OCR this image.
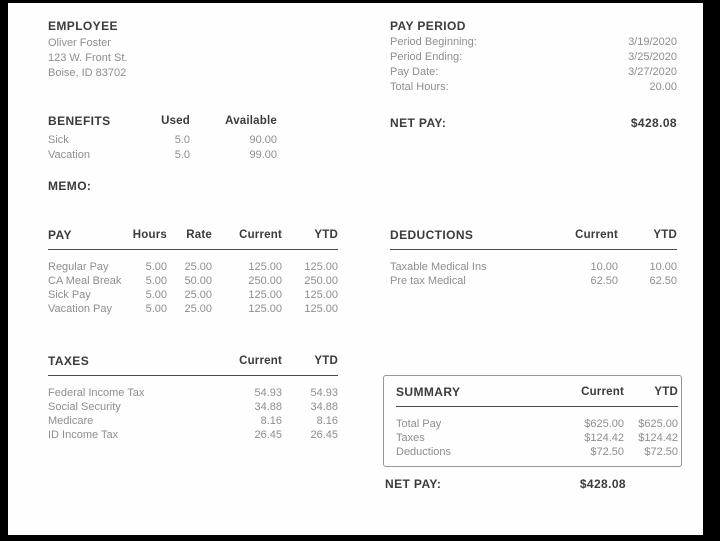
EMPLOYEE
Oliver Foster
123 W. Front St.
Boise, ID 83702
PAY PERIOD
Period Beginning:	3/19/2020
Period Ending:	3/25/2020
Pay Date:	3/27/2020
Total Hours:	20.00
NET PAY:	$428.08
BENEFITS	Used	Available
Sick	5.0	90.00
Vacation	5.0	99.00
MEMO:
PAY	Hours	Rate	Current	YTD
Regular Pay	5.00	25.00	125.00	125.00
CA Meal Break	5.00	50.00	250.00	250.00
Sick Pay	5.00	25.00	125.00	125.00
Vacation Pay	5.00	25.00	125.00	125.00
DEDUCTIONS	Current	YTD
Taxable Medical Ins	10.00	10.00
Pre tax Medical	62.50	62.50
TAXES	Current	YTD
Federal Income Tax	54.93	54.93
Social Security	34.88	34.88
Medicare	8.16	8.16
ID Income Tax	26.45	26.45
SUMMARY	Current	YTD
Total Pay	$625.00	$625.00
Taxes	$124.42	$124.42
Deductions	$72.50	$72.50
NET PAY:	$428.08
